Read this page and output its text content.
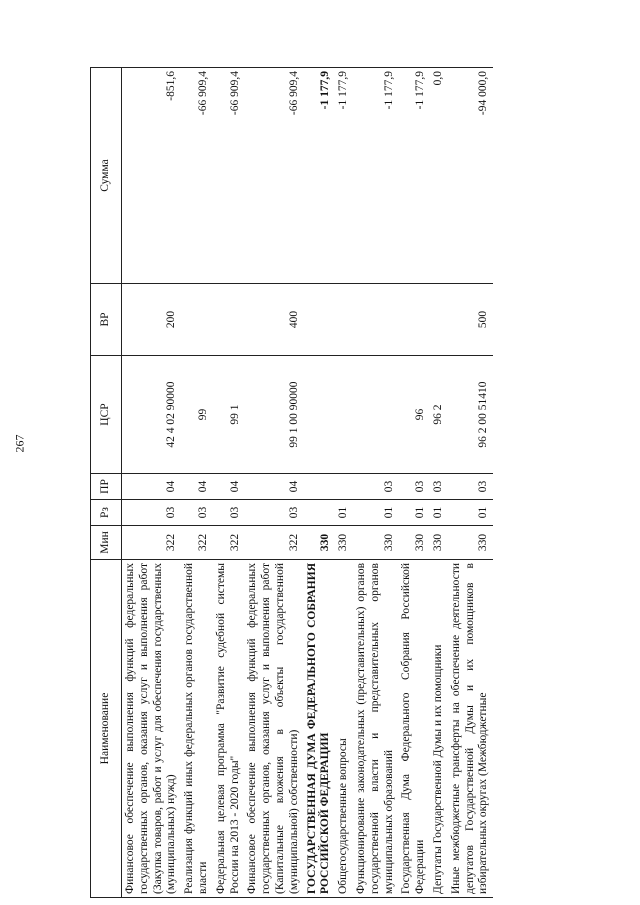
267
Наименование	Мин	Рз	ПР	ЦСР	ВР	Сумма
Финансовое обеспечение выполнения функций федеральных государственных органов, оказания услуг и выполнения работ (Закупка товаров, работ и услуг для обеспечения государственных (муниципальных) нужд)	322	03	04	42 4 02 90000	200	-851,6
Реализация функций иных федеральных органов государственной власти	322	03	04	99		-66 909,4
Федеральная целевая программа "Развитие судебной системы России на 2013 - 2020 годы"	322	03	04	99 1		-66 909,4
Финансовое обеспечение выполнения функций федеральных государственных органов, оказания услуг и выполнения работ (Капитальные вложения в объекты государственной (муниципальной) собственности)	322	03	04	99 1 00 90000	400	-66 909,4
ГОСУДАРСТВЕННАЯ ДУМА ФЕДЕРАЛЬНОГО СОБРАНИЯ РОССИЙСКОЙ ФЕДЕРАЦИИ	330					-1 177,9
Общегосударственные вопросы	330	01				-1 177,9
Функционирование законодательных (представительных) органов государственной власти и представительных органов муниципальных образований	330	01	03			-1 177,9
Государственная Дума Федерального Собрания Российской Федерации	330	01	03	96		-1 177,9
Депутаты Государственной Думы и их помощники	330	01	03	96 2		0,0
Иные межбюджетные трансферты на обеспечение деятельности депутатов Государственной Думы и их помощников в избирательных округах (Межбюджетные	330	01	03	96 2 00 51410	500	-94 000,0
